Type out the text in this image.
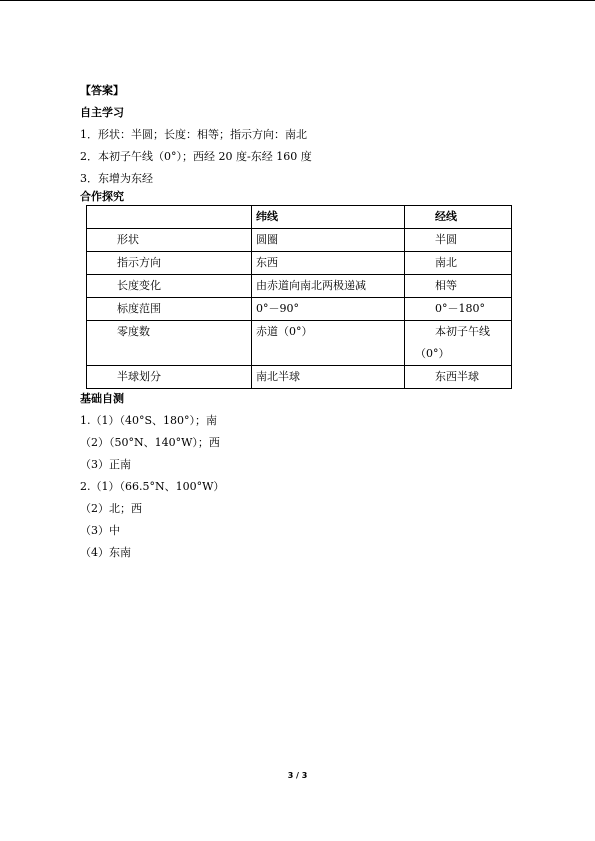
【答案】
自主学习
1．形状：半圆；长度：相等；指示方向：南北
2．本初子午线（0°）；西经 20 度-东经 160 度
3．东增为东经
合作探究
	纬线	经线
形状	圆圈	半圆
指示方向	东西	南北
长度变化	由赤道向南北两极递减	相等
标度范围	0°－90°	0°－180°
零度数	赤道（0°）	本初子午线
（0°）

半球划分	南北半球	东西半球
基础自测
1.（1）（40°S、180°）；南
（2）（50°N、140°W）；西
（3）正南
2.（1）（66.5°N、100°W）
（2）北；西
（3）中
（4）东南
3 / 3
